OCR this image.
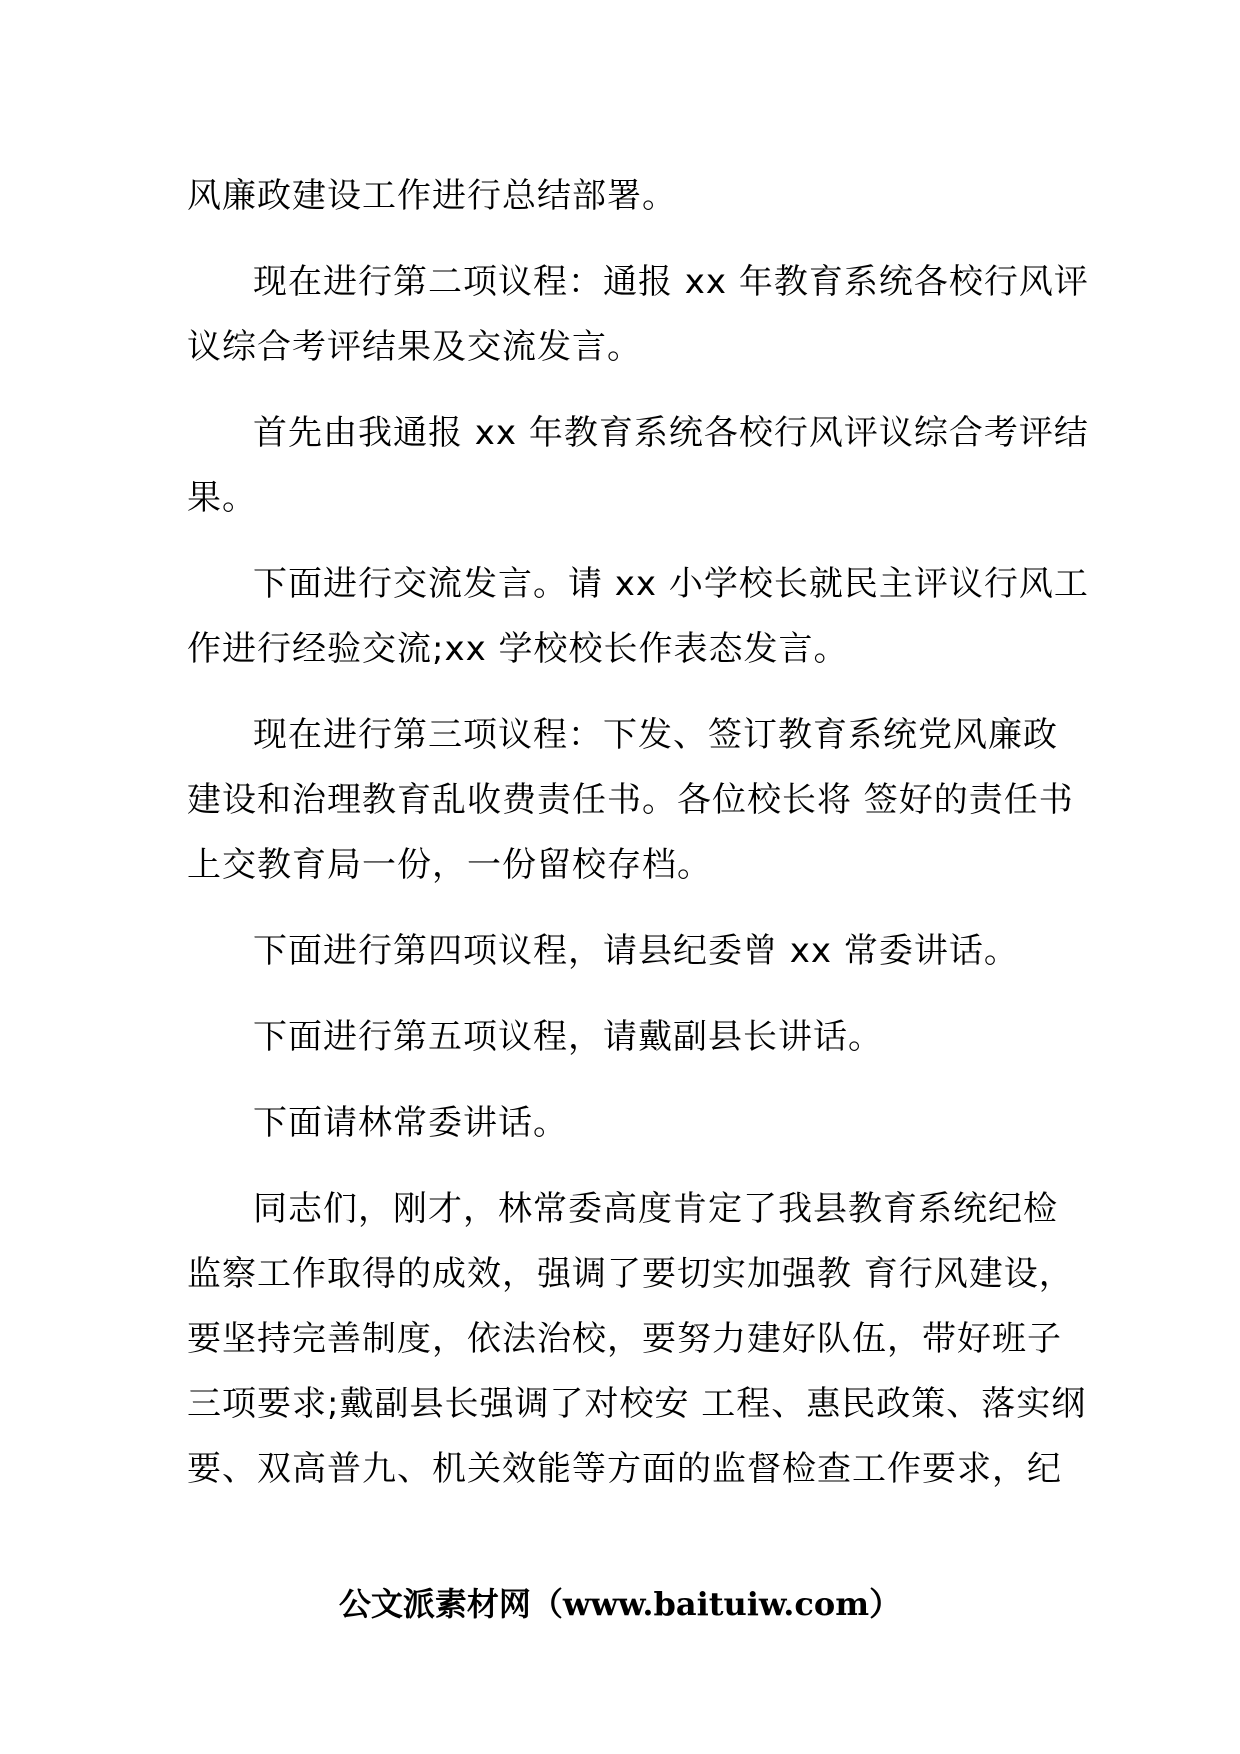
风廉政建设工作进行总结部署。

现在进行第二项议程：通报 xx 年教育系统各校行风评
议综合考评结果及交流发言。

首先由我通报 xx 年教育系统各校行风评议综合考评结
果。

下面进行交流发言。请 xx 小学校长就民主评议行风工
作进行经验交流;xx 学校校长作表态发言。

现在进行第三项议程：下发、签订教育系统党风廉政
建设和治理教育乱收费责任书。各位校长将 签好的责任书
上交教育局一份，一份留校存档。

下面进行第四项议程，请县纪委曾 xx 常委讲话。

下面进行第五项议程，请戴副县长讲话。

下面请林常委讲话。

同志们，刚才，林常委高度肯定了我县教育系统纪检
监察工作取得的成效，强调了要切实加强教 育行风建设，
要坚持完善制度，依法治校，要努力建好队伍，带好班子
三项要求;戴副县长强调了对校安 工程、惠民政策、落实纲
要、双高普九、机关效能等方面的监督检查工作要求，纪

公文派素材网（www.baituiw.com）
